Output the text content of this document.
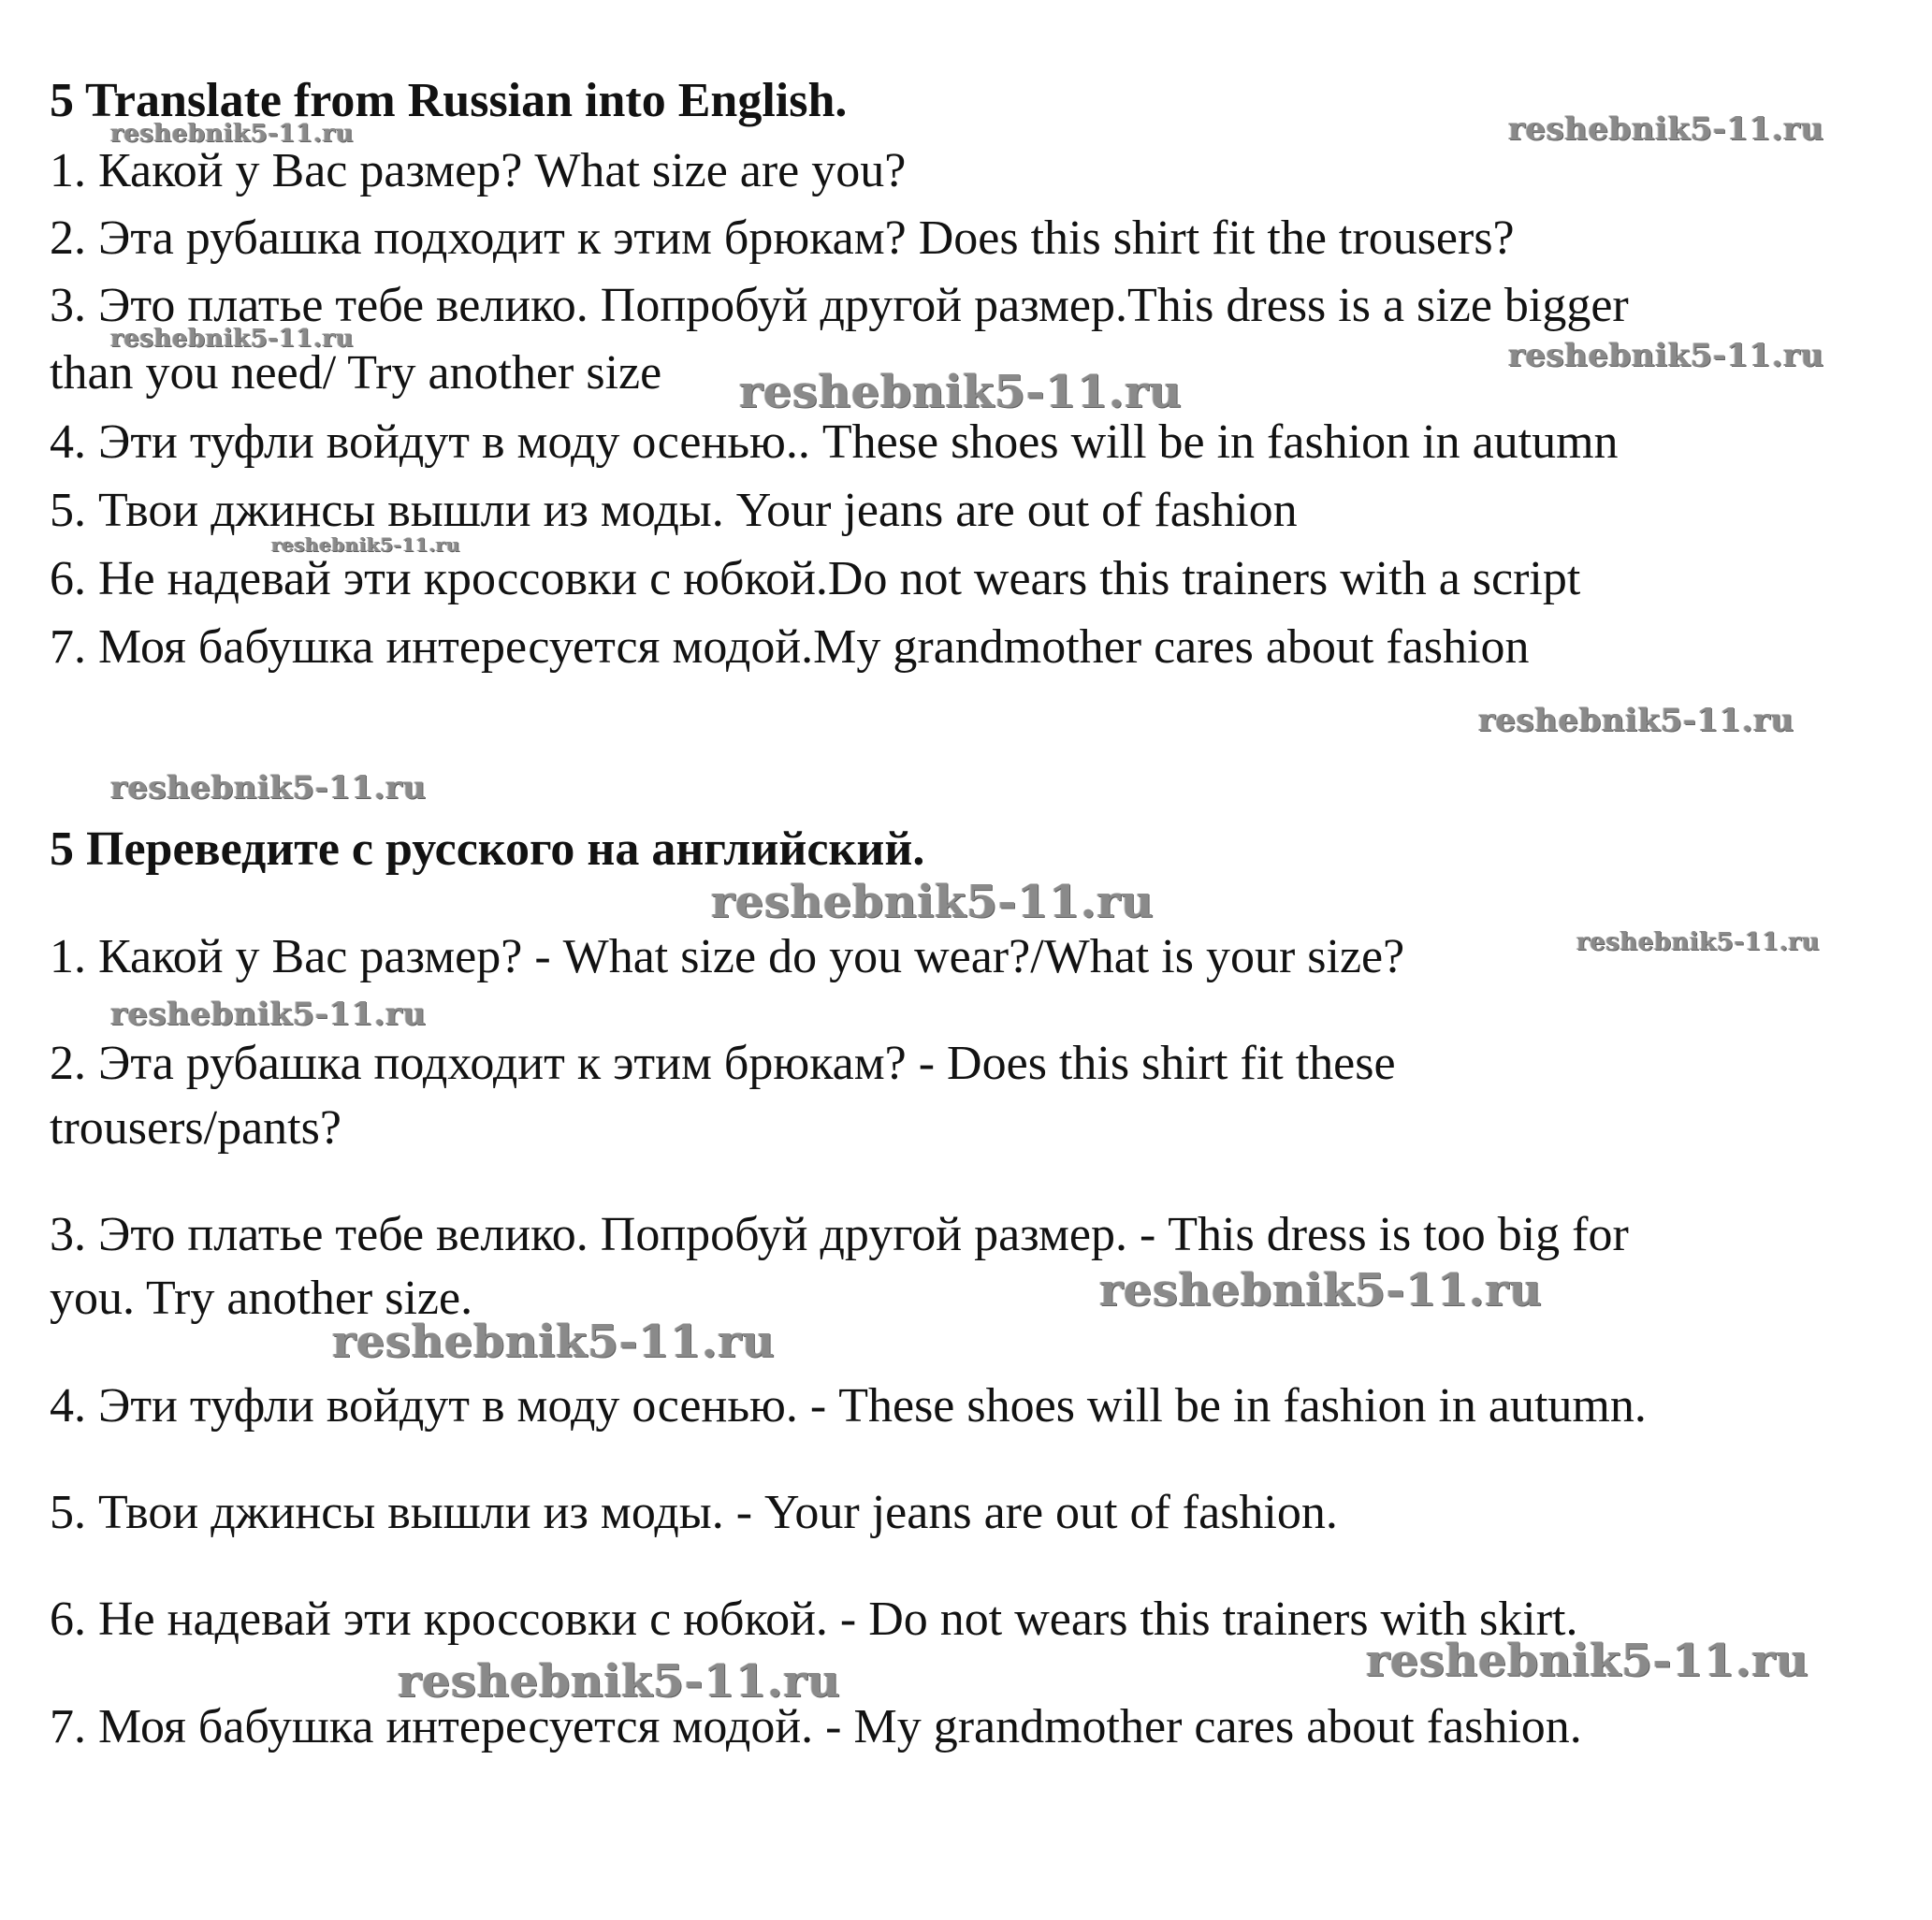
5 Translate from Russian into English.
1. Какой у Вас размер? What size are you?
2. Эта рубашка подходит к этим брюкам? Does this shirt fit the trousers?
3. Это платье тебе велико. Попробуй другой размер.This dress is a size bigger
than you need/ Try another size
4. Эти туфли войдут в моду осенью.. These shoes will be in fashion in autumn
5. Твои джинсы вышли из моды. Your jeans are out of fashion
6. Не надевай эти кроссовки с юбкой.Do not wears this trainers with a script
7. Моя бабушка интересуется модой.My grandmother cares about fashion
5 Переведите с русского на английский.
1. Какой у Вас размер? - What size do you wear?/What is your size?
2. Эта рубашка подходит к этим брюкам? - Does this shirt fit these
trousers/pants?
3. Это платье тебе велико. Попробуй другой размер. - This dress is too big for
you. Try another size.
4. Эти туфли войдут в моду осенью. - These shoes will be in fashion in autumn.
5. Твои джинсы вышли из моды. - Your jeans are out of fashion.
6. Не надевай эти кроссовки с юбкой. - Do not wears this trainers with skirt.
7. Моя бабушка интересуется модой. - My grandmother cares about fashion.
reshebnik5-11.ru	reshebnik5-11.ru
reshebnik5-11.ru	reshebnik5-11.ru
reshebnik5-11.ru
reshebnik5-11.ru
reshebnik5-11.ru
reshebnik5-11.ru
reshebnik5-11.ru
reshebnik5-11.ru
reshebnik5-11.ru
reshebnik5-11.ru
reshebnik5-11.ru
reshebnik5-11.ru
reshebnik5-11.ru
